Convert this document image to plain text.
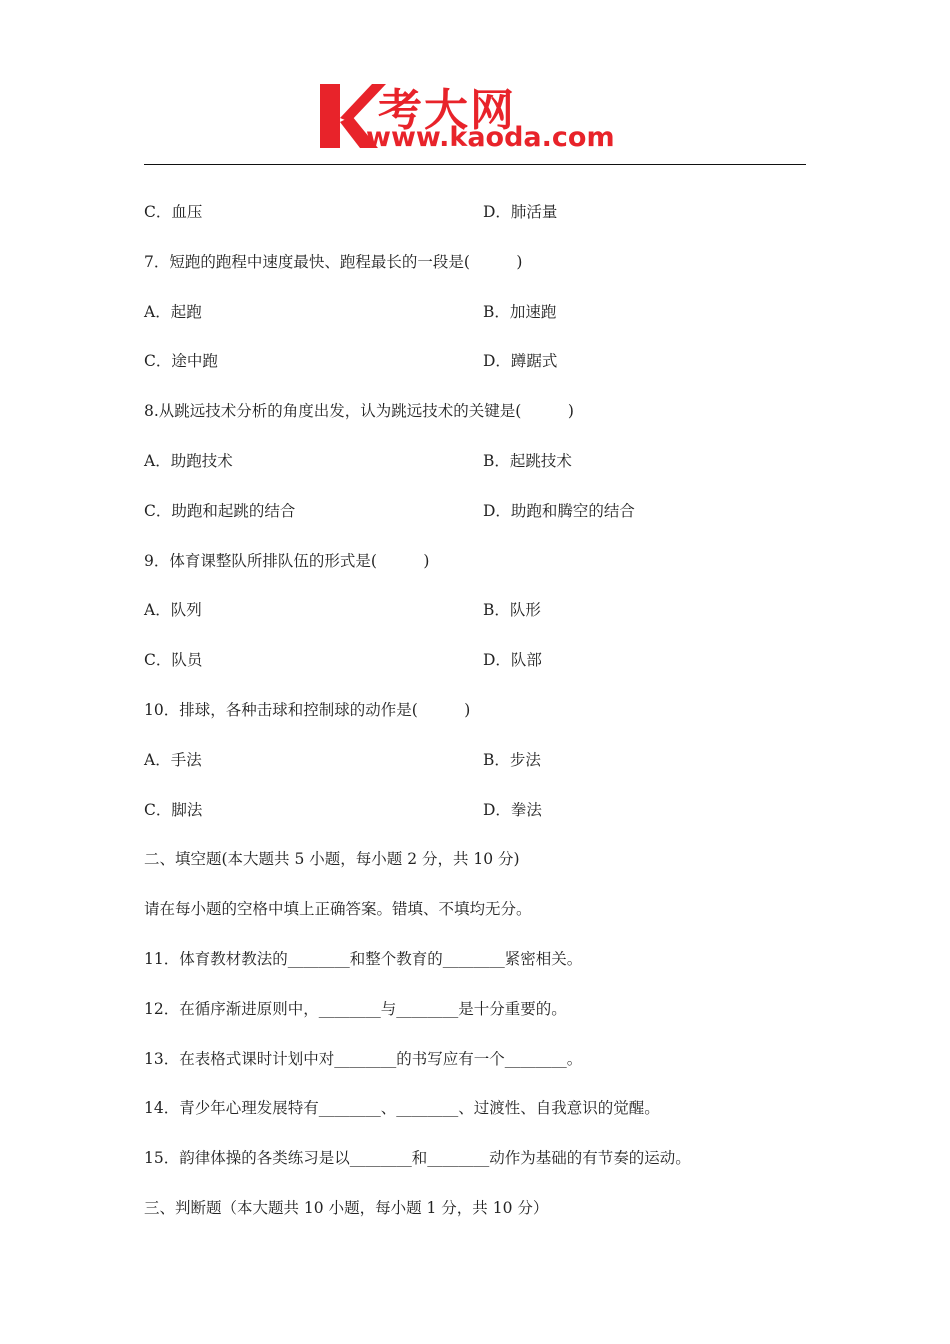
考大网
www.kaoda.com
C．血压	D．肺活量
7．短跑的跑程中速度最快、跑程最长的一段是(　　　)
A．起跑	B．加速跑
C．途中跑	D．蹲踞式
8.从跳远技术分析的角度出发，认为跳远技术的关键是(　　　)
A．助跑技术	B．起跳技术
C．助跑和起跳的结合	D．助跑和腾空的结合
9．体育课整队所排队伍的形式是(　　　)
A．队列	B．队形
C．队员	D．队部
10．排球，各种击球和控制球的动作是(　　　)
A．手法	B．步法
C．脚法	D．拳法
二、填空题(本大题共 5 小题，每小题 2 分，共 10 分)
请在每小题的空格中填上正确答案。错填、不填均无分。
11．体育教材教法的________和整个教育的________紧密相关。
12．在循序渐进原则中，________与________是十分重要的。
13．在表格式课时计划中对________的书写应有一个________。
14．青少年心理发展特有________、________、过渡性、自我意识的觉醒。
15．韵律体操的各类练习是以________和________动作为基础的有节奏的运动。
三、判断题（本大题共 10 小题，每小题 1 分，共 10 分）
